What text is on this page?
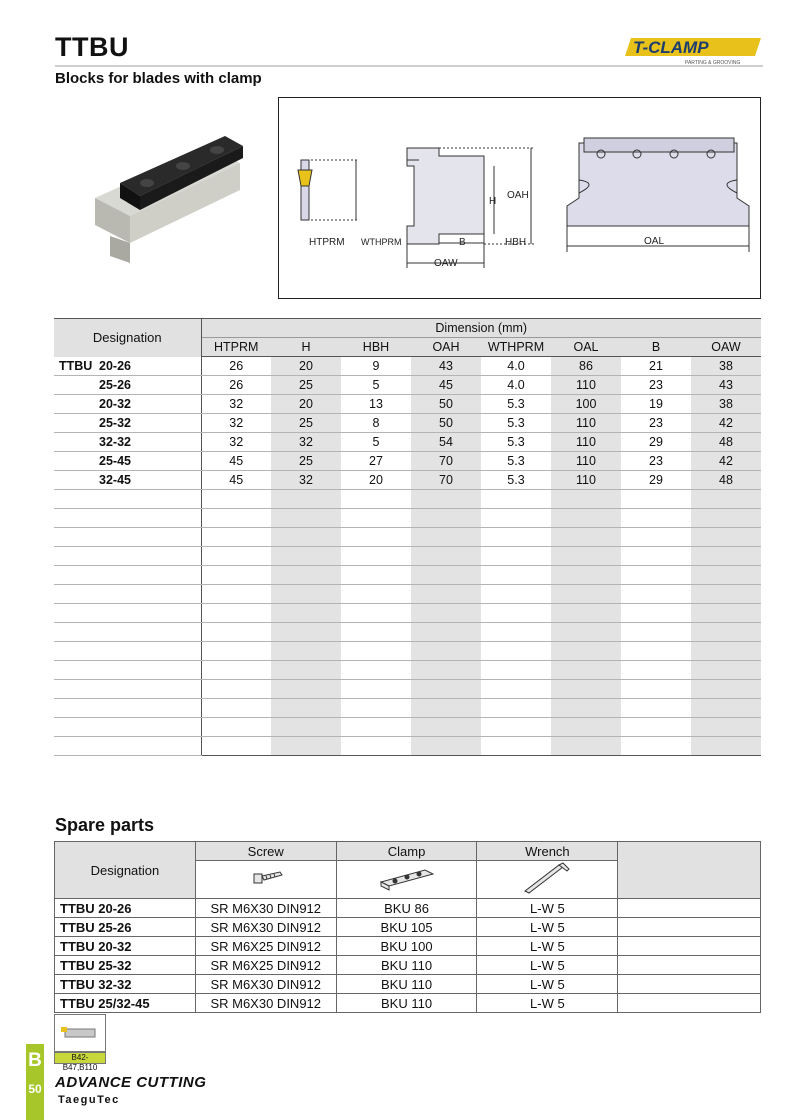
TTBU
Blocks for blades with clamp
T-CLAMP
PARTING & GROOVING
HTPRM WTHPRM	B	HBH
OAW
H
OAH
OAL
Designation	Dimension (mm)							
	HTPRM	H	HBH	OAH	WTHPRM	OAL	B	OAW
TTBU 20-26	26	20	9	43	4.0	86	21	38
25-26	26	25	5	45	4.0	110	23	43
20-32	32	20	13	50	5.3	100	19	38
25-32	32	25	8	50	5.3	110	23	42
32-32	32	32	5	54	5.3	110	29	48
25-45	45	25	27	70	5.3	110	23	42
32-45	45	32	20	70	5.3	110	29	48

Spare parts
Designation	Screw	Clamp	Wrench	

TTBU 20-26	SR M6X30 DIN912	BKU 86	L-W 5	
TTBU 25-26	SR M6X30 DIN912	BKU 105	L-W 5	
TTBU 20-32	SR M6X25 DIN912	BKU 100	L-W 5	
TTBU 25-32	SR M6X25 DIN912	BKU 110	L-W 5	
TTBU 32-32	SR M6X30 DIN912	BKU 110	L-W 5	
TTBU 25/32-45	SR M6X30 DIN912	BKU 110	L-W 5	
B42-B47,B110
B
50 ADVANCE CUTTING
TaeguTec
